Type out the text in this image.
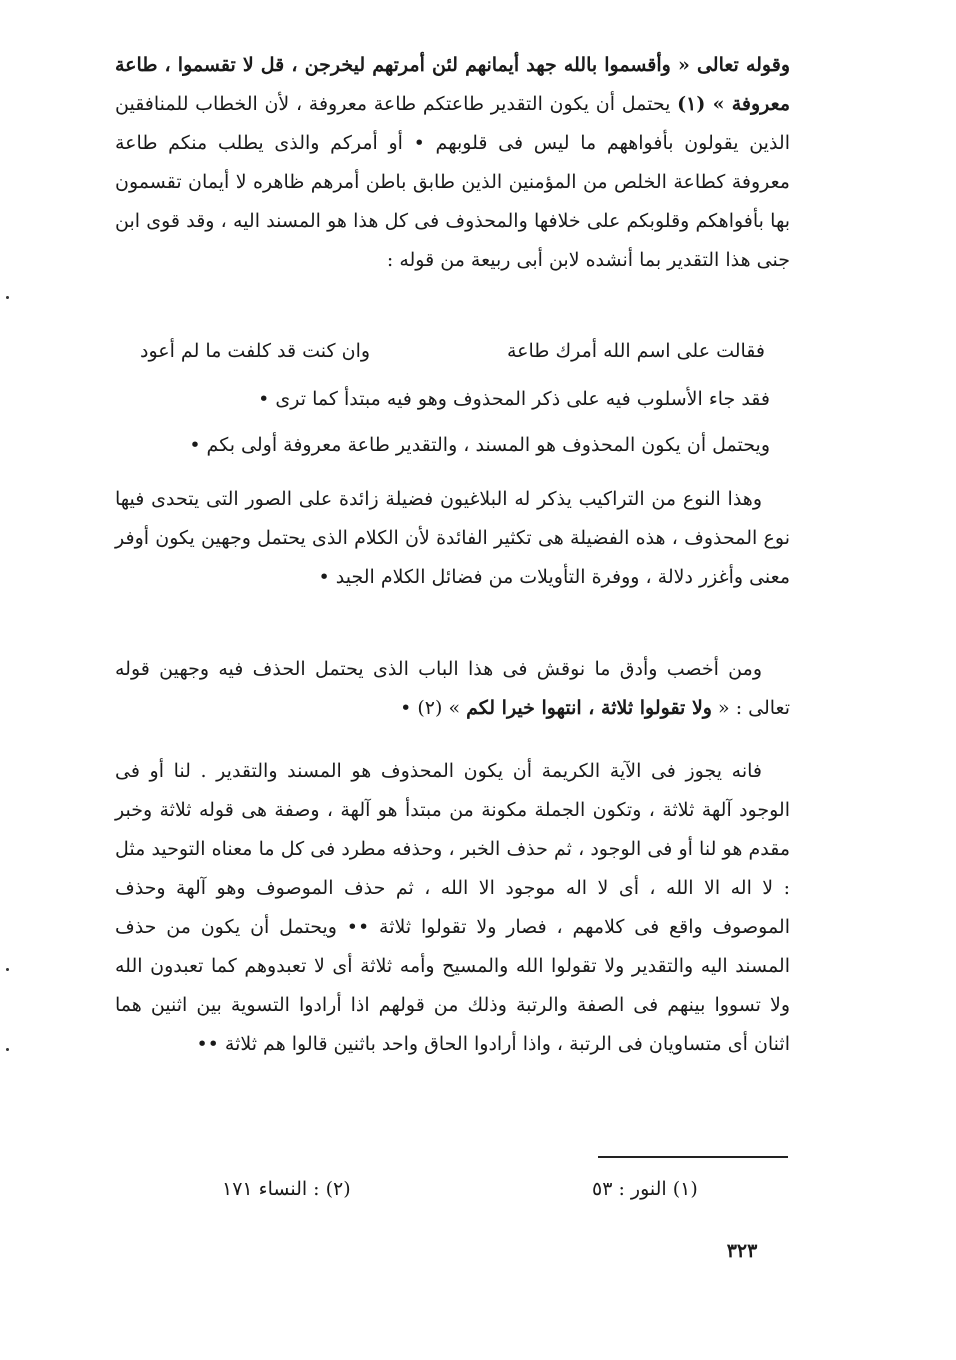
وقوله تعالى « وأقسموا بالله جهد أيمانهم لئن أمرتهم ليخرجن ، قل لا تقسموا ، طاعة معروفة » (١) يحتمل أن يكون التقدير طاعتكم طاعة معروفة ، لأن الخطاب للمنافقين الذين يقولون بأفواههم ما ليس فى قلوبهم • أو أمركم والذى يطلب منكم طاعة معروفة كطاعة الخلص من المؤمنين الذين طابق باطن أمرهم ظاهره لا أيمان تقسمون بها بأفواهكم وقلوبكم على خلافها والمحذوف فى كل هذا هو المسند اليه ، وقد قوى ابن جنى هذا التقدير بما أنشده لابن أبى ربيعة من قوله :

فقالت على اسم الله أمرك طاعة
وان كنت قد كلفت ما لم أعود
فقد جاء الأسلوب فيه على ذكر المحذوف وهو فيه مبتدأ كما ترى •
ويحتمل أن يكون المحذوف هو المسند ، والتقدير طاعة معروفة أولى بكم •

وهذا النوع من التراكيب يذكر له البلاغيون فضيلة زائدة على الصور التى يتحدى فيها نوع المحذوف ، هذه الفضيلة هى تكثير الفائدة لأن الكلام الذى يحتمل وجهين يكون أوفر معنى وأغزر دلالة ، ووفرة التأويلات من فضائل الكلام الجيد •

ومن أخصب وأدق ما نوقش فى هذا الباب الذى يحتمل الحذف فيه وجهين قوله تعالى : « ولا تقولوا ثلاثة ، انتهوا خيرا لكم » (٢) •

فانه يجوز فى الآية الكريمة أن يكون المحذوف هو المسند والتقدير . لنا أو فى الوجود آلهة ثلاثة ، وتكون الجملة مكونة من مبتدأ هو آلهة ، وصفة هى قوله ثلاثة وخبر مقدم هو لنا أو فى الوجود ، ثم حذف الخبر ، وحذفه مطرد فى كل ما معناه التوحيد مثل : لا اله الا الله ، أى لا اله موجود الا الله ، ثم حذف الموصوف وهو آلهة وحذف الموصوف واقع فى كلامهم ، فصار ولا تقولوا ثلاثة •• ويحتمل أن يكون من حذف المسند اليه والتقدير ولا تقولوا الله والمسيح وأمه ثلاثة أى لا تعبدوهم كما تعبدون الله ولا تسووا بينهم فى الصفة والرتبة وذلك من قولهم اذا أرادوا التسوية بين اثنين هما اثنان أى متساويان فى الرتبة ، واذا أرادوا الحاق واحد باثنين قالوا هم ثلاثة ••

(١) النور : ٥٣
(٢) : النساء ١٧١
٣٢٣
